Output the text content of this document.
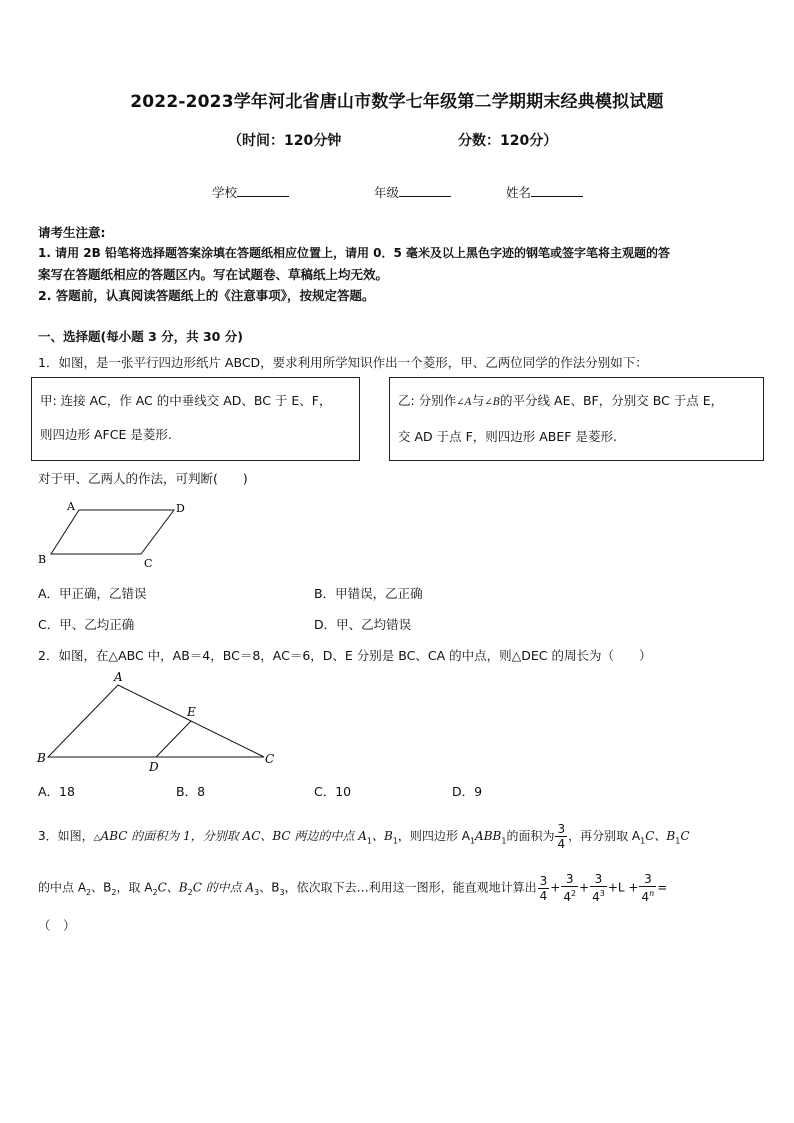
2022-2023学年河北省唐山市数学七年级第二学期期末经典模拟试题
（时间：120分钟	分数：120分）
学校	年级	姓名
请考生注意:
1. 请用 2B 铅笔将选择题答案涂填在答题纸相应位置上，请用 0．5 毫米及以上黑色字迹的钢笔或签字笔将主观题的答
案写在答题纸相应的答题区内。写在试题卷、草稿纸上均无效。
2. 答题前，认真阅读答题纸上的《注意事项》，按规定答题。
一、选择题(每小题 3 分，共 30 分)
1．如图，是一张平行四边形纸片 ABCD，要求利用所学知识作出一个菱形，甲、乙两位同学的作法分别如下：
甲: 连接 AC，作 AC 的中垂线交 AD、BC 于 E、F，
则四边形 AFCE 是菱形.
乙: 分别作∠A与∠B的平分线 AE、BF，分别交 BC 于点 E，
交 AD 于点 F，则四边形 ABEF 是菱形.
对于甲、乙两人的作法，可判断(　　)
A	D
B	C
A．甲正确，乙错误	B．甲错误，乙正确
C．甲、乙均正确	D．甲、乙均错误
2．如图，在△ABC 中，AB＝4，BC＝8，AC＝6，D、E 分别是 BC、CA 的中点，则△DEC 的周长为（　　）
A
E
B
D
C
A．18	B．8	C．10	D．9
3．如图，△ABC 的面积为 1，分别取 AC、BC 两边的中点 $A_1$、$B_1$，则四边形 $A_1ABB_1$的面积为 $\frac{3}{4}$ ，再分别取 $A_1C$、$B_1C$
的中点 $A_2$、$B_2$，取 $A_2C$、$B_2C$ 的中点 $A_3$、$B_3$，依次取下去…利用这一图形，能直观地计算出 $\frac{3}{4} + \frac{3}{4^2} + \frac{3}{4^3} +L + \frac{3}{4^n}$ =
（　）
